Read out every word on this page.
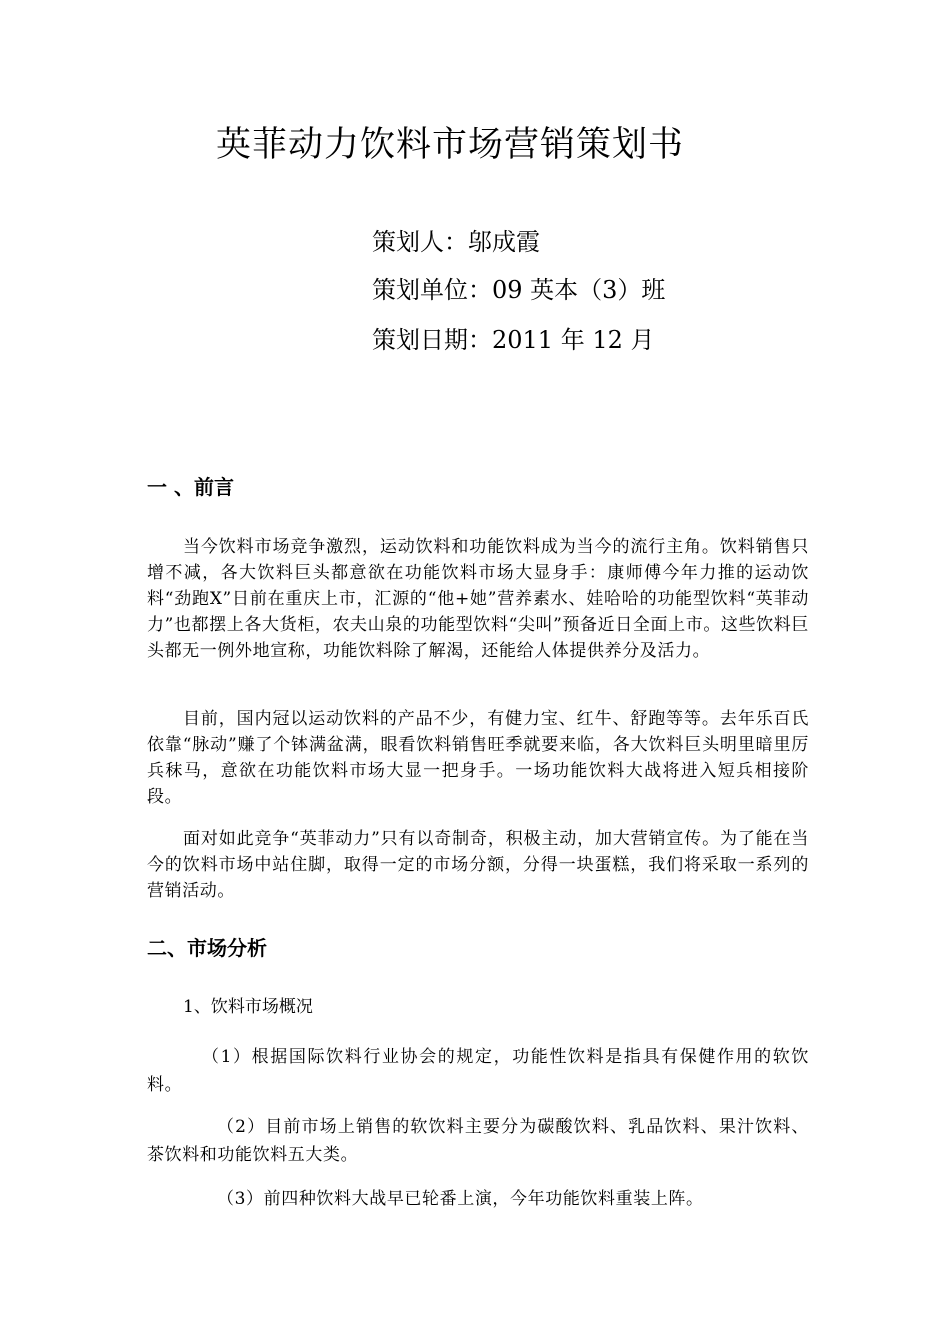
英菲动力饮料市场营销策划书
策划人：邬成霞
策划单位：09 英本（3）班
策划日期：2011 年 12 月
一 、前言

当今饮料市场竞争激烈，运动饮料和功能饮料成为当今的流行主角。饮料销售只增不减，各大饮料巨头都意欲在功能饮料市场大显身手：康师傅今年力推的运动饮料“劲跑X”日前在重庆上市，汇源的“他+她”营养素水、娃哈哈的功能型饮料“英菲动力”也都摆上各大货柜，农夫山泉的功能型饮料“尖叫”预备近日全面上市。这些饮料巨头都无一例外地宣称，功能饮料除了解渴，还能给人体提供养分及活力。

目前，国内冠以运动饮料的产品不少，有健力宝、红牛、舒跑等等。去年乐百氏依靠“脉动”赚了个钵满盆满，眼看饮料销售旺季就要来临，各大饮料巨头明里暗里厉兵秣马，意欲在功能饮料市场大显一把身手。一场功能饮料大战将进入短兵相接阶段。

面对如此竞争“英菲动力”只有以奇制奇，积极主动，加大营销宣传。为了能在当今的饮料市场中站住脚，取得一定的市场分额，分得一块蛋糕，我们将采取一系列的营销活动。

二、市场分析
1、饮料市场概况

（1）根据国际饮料行业协会的规定，功能性饮料是指具有保健作用的软饮料。

（2）目前市场上销售的软饮料主要分为碳酸饮料、乳品饮料、果汁饮料、茶饮料和功能饮料五大类。

（3）前四种饮料大战早已轮番上演，今年功能饮料重装上阵。
